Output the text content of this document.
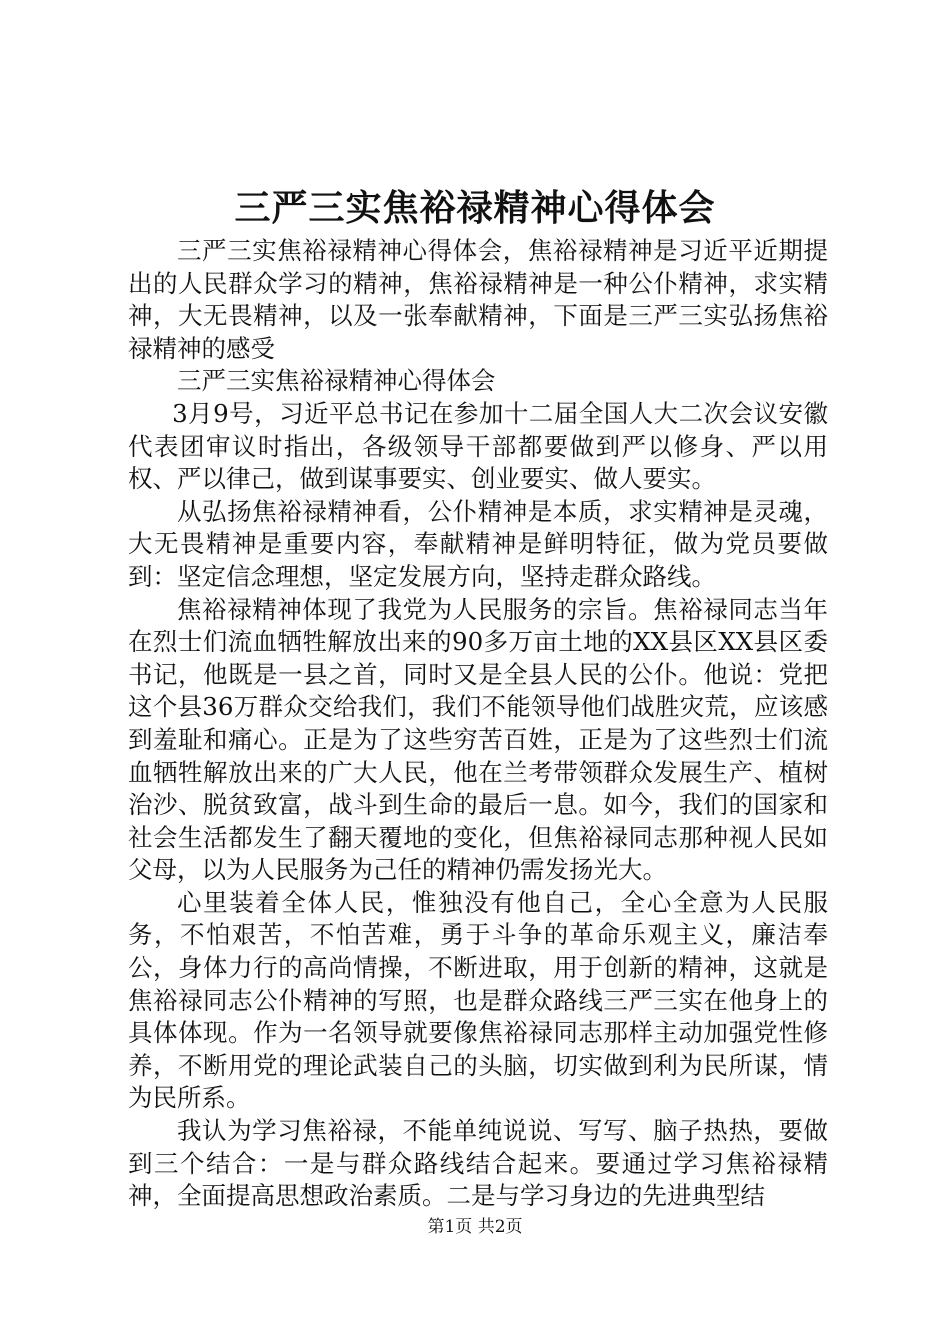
三严三实焦裕禄精神心得体会

三严三实焦裕禄精神心得体会，焦裕禄精神是习近平近期提出的人民群众学习的精神，焦裕禄精神是一种公仆精神，求实精神，大无畏精神，以及一张奉献精神，下面是三严三实弘扬焦裕禄精神的感受

三严三实焦裕禄精神心得体会

3月9号，习近平总书记在参加十二届全国人大二次会议安徽代表团审议时指出，各级领导干部都要做到严以修身、严以用权、严以律己，做到谋事要实、创业要实、做人要实。

从弘扬焦裕禄精神看，公仆精神是本质，求实精神是灵魂，大无畏精神是重要内容，奉献精神是鲜明特征，做为党员要做到：坚定信念理想，坚定发展方向，坚持走群众路线。

焦裕禄精神体现了我党为人民服务的宗旨。焦裕禄同志当年在烈士们流血牺牲解放出来的90多万亩土地的XX县区XX县区委书记，他既是一县之首，同时又是全县人民的公仆。他说：党把这个县36万群众交给我们，我们不能领导他们战胜灾荒，应该感到羞耻和痛心。正是为了这些穷苦百姓，正是为了这些烈士们流血牺牲解放出来的广大人民，他在兰考带领群众发展生产、植树治沙、脱贫致富，战斗到生命的最后一息。如今，我们的国家和社会生活都发生了翻天覆地的变化，但焦裕禄同志那种视人民如父母，以为人民服务为己任的精神仍需发扬光大。

心里装着全体人民，惟独没有他自己，全心全意为人民服务，不怕艰苦，不怕苦难，勇于斗争的革命乐观主义，廉洁奉公，身体力行的高尚情操，不断进取，用于创新的精神，这就是焦裕禄同志公仆精神的写照，也是群众路线三严三实在他身上的具体体现。作为一名领导就要像焦裕禄同志那样主动加强党性修养，不断用党的理论武装自己的头脑，切实做到利为民所谋，情为民所系。

我认为学习焦裕禄，不能单纯说说、写写、脑子热热，要做到三个结合：一是与群众路线结合起来。要通过学习焦裕禄精神，全面提高思想政治素质。二是与学习身边的先进典型结

第1页 共2页
